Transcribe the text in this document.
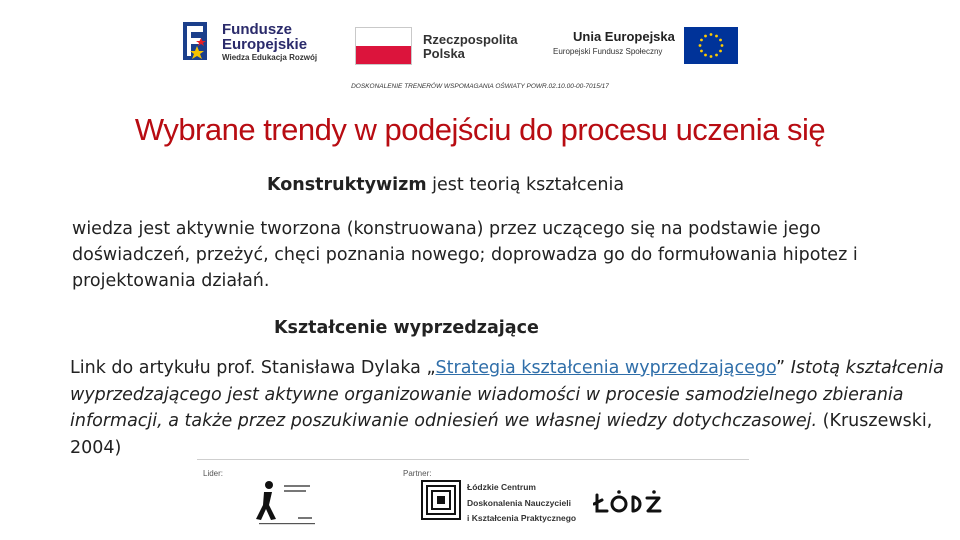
Fundusze
Europejskie
Wiedza Edukacja Rozwój
Rzeczpospolita
Polska
Unia Europejska
Europejski Fundusz Społeczny
DOSKONALENIE TRENERÓW WSPOMAGANIA OŚWIATY POWR.02.10.00-00-7015/17
Wybrane trendy w podejściu do procesu uczenia się
Konstruktywizm jest teorią kształcenia
wiedza jest aktywnie tworzona (konstruowana) przez uczącego się na podstawie jego doświadczeń, przeżyć, chęci poznania nowego; doprowadza go do formułowania hipotez i projektowania działań.
Kształcenie wyprzedzające
Link do artykułu prof. Stanisława Dylaka „Strategia kształcenia wyprzedzającego” Istotą kształcenia wyprzedzającego jest aktywne organizowanie wiadomości w procesie samodzielnego zbierania informacji, a także przez poszukiwanie odniesień we własnej wiedzy dotychczasowej. (Kruszewski, 2004)
Lider:	Partner:
Łódzkie Centrum
Doskonalenia Nauczycieli
i Kształcenia Praktycznego
